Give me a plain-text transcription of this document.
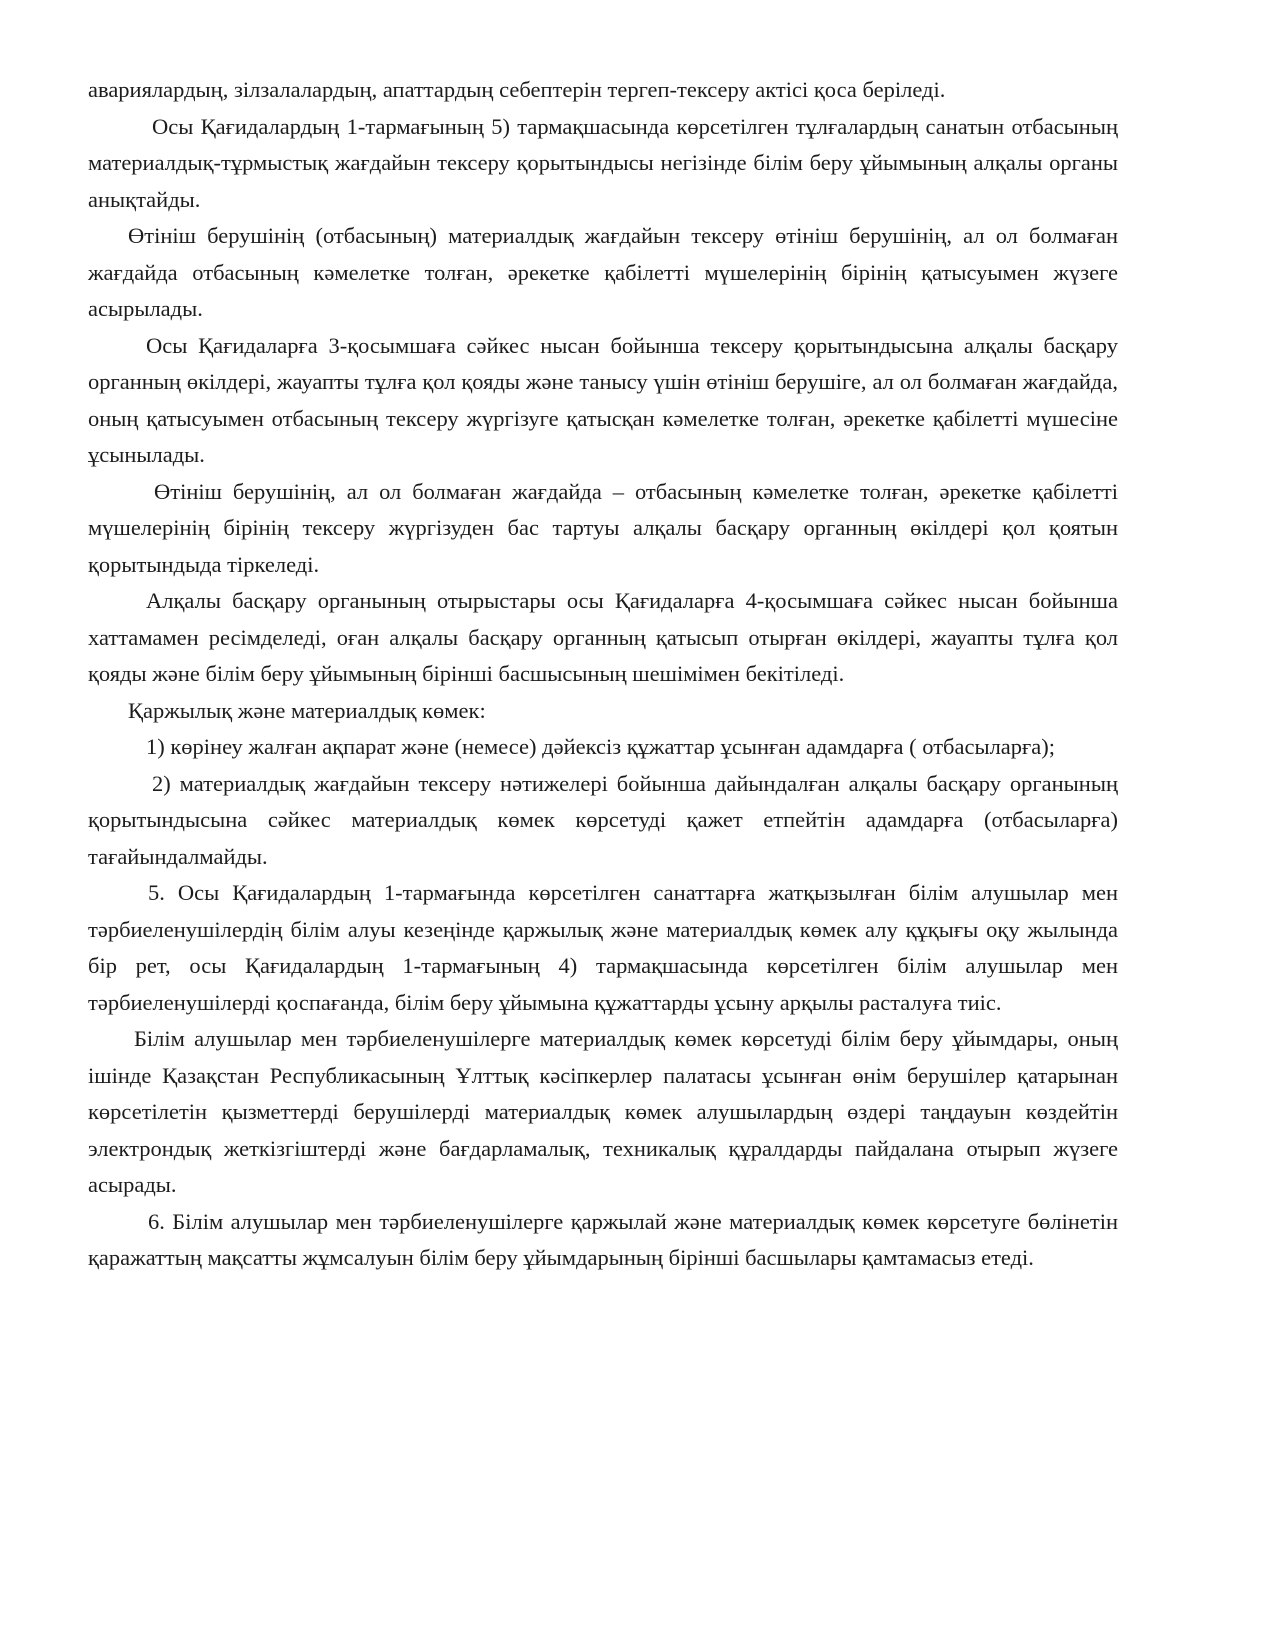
аварияларды​ң, зілзалалардың, апаттардың себептерін тергеп-тексеру актісі қоса беріледі.

Осы Қағидалардың 1-тармағының 5) тармақшасында көрсетілген тұлғалардың санатын отбасының материалдық-тұрмыстық жағдайын тексеру қорытындысы негізінде білім беру ұйымының алқалы органы анықтайды.

Өтініш берушінің (отбасының) материалдық жағдайын тексеру өтініш берушінің, ал ол болмаған жағдайда отбасының кәмелетке толған, әрекетке қабілетті мүшелерінің бірінің қатысуымен жүзеге асырылады.

Осы Қағидаларға 3-қосымшаға сәйкес нысан бойынша тексеру қорытындысына алқалы басқару органның өкілдері, жауапты тұлға қол қояды және танысу үшін өтініш берушіге, ал ол болмаған жағдайда, оның қатысуымен отбасының тексеру жүргізуге қатысқан кәмелетке толған, әрекетке қабілетті мүшесіне ұсынылады.

Өтініш берушінің, ал ол болмаған жағдайда – отбасының кәмелетке толған, әрекетке қабілетті мүшелерінің бірінің тексеру жүргізуден бас тартуы алқалы басқару органның өкілдері қол қоятын қорытындыда тіркеледі.

Алқалы басқару органының отырыстары осы Қағидаларға 4-қосымшаға сәйкес нысан бойынша хаттамамен ресімделеді, оған алқалы басқару органның қатысып отырған өкілдері, жауапты тұлға қол қояды және білім беру ұйымының бірінші басшысының шешімімен бекітіледі.

Қаржылық және материалдық көмек:

1) көрінеу жалған ақпарат және (немесе) дәйексіз құжаттар ұсынған адамдарға ( отбасыларға);

2) материалдық жағдайын тексеру нәтижелері бойынша дайындалған алқалы басқару органының қорытындысына сәйкес материалдық көмек көрсетуді қажет етпейтін адамдарға (отбасыларға) тағайындалмайды.

5. Осы Қағидалардың 1-тармағында көрсетілген санаттарға жатқызылған білім алушылар мен тәрбиеленушілердің білім алуы кезеңінде қаржылық және материалдық көмек алу құқығы оқу жылында бір рет, осы Қағидалардың 1-тармағының 4) тармақшасында көрсетілген білім алушылар мен тәрбиеленушілерді қоспағанда, білім беру ұйымына құжаттарды ұсыну арқылы расталуға тиіс.

Білім алушылар мен тәрбиеленушілерге материалдық көмек көрсетуді білім беру ұйымдары, оның ішінде Қазақстан Республикасының Ұлттық кәсіпкерлер палатасы ұсынған өнім берушілер қатарынан көрсетілетін қызметтерді берушілерді материалдық көмек алушылардың өздері таңдауын көздейтін электрондық жеткізгіштерді және бағдарламалық, техникалық құралдарды пайдалана отырып жүзеге асырады.

6. Білім алушылар мен тәрбиеленушілерге қаржылай және материалдық көмек көрсетуге бөлінетін қаражаттың мақсатты жұмсалуын білім беру ұйымдарының бірінші басшылары қамтамасыз етеді.
